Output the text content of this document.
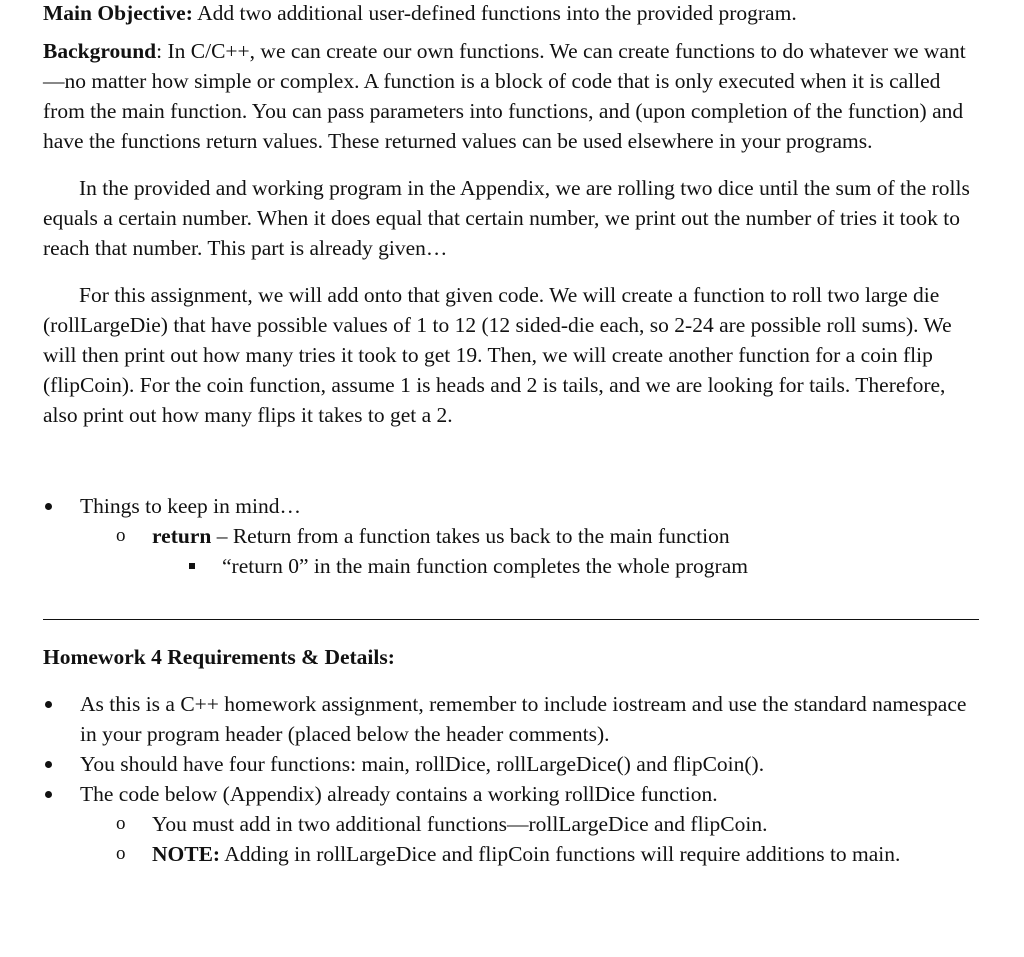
Main Objective: Add two additional user-defined functions into the provided program.

Background: In C/C++, we can create our own functions. We can create functions to do whatever we want—no matter how simple or complex. A function is a block of code that is only executed when it is called from the main function. You can pass parameters into functions, and (upon completion of the function) and have the functions return values. These returned values can be used elsewhere in your programs.

In the provided and working program in the Appendix, we are rolling two dice until the sum of the rolls equals a certain number. When it does equal that certain number, we print out the number of tries it took to reach that number. This part is already given…

For this assignment, we will add onto that given code. We will create a function to roll two large die (rollLargeDie) that have possible values of 1 to 12 (12 sided-die each, so 2-24 are possible roll sums). We will then print out how many tries it took to get 19. Then, we will create another function for a coin flip (flipCoin). For the coin function, assume 1 is heads and 2 is tails, and we are looking for tails. Therefore, also print out how many flips it takes to get a 2.

Things to keep in mind…
o return – Return from a function takes us back to the main function
“return 0” in the main function completes the whole program

Homework 4 Requirements & Details:

As this is a C++ homework assignment, remember to include iostream and use the standard namespace in your program header (placed below the header comments).
You should have four functions: main, rollDice, rollLargeDice() and flipCoin().
The code below (Appendix) already contains a working rollDice function.
o You must add in two additional functions—rollLargeDice and flipCoin.
o NOTE: Adding in rollLargeDice and flipCoin functions will require additions to main.
